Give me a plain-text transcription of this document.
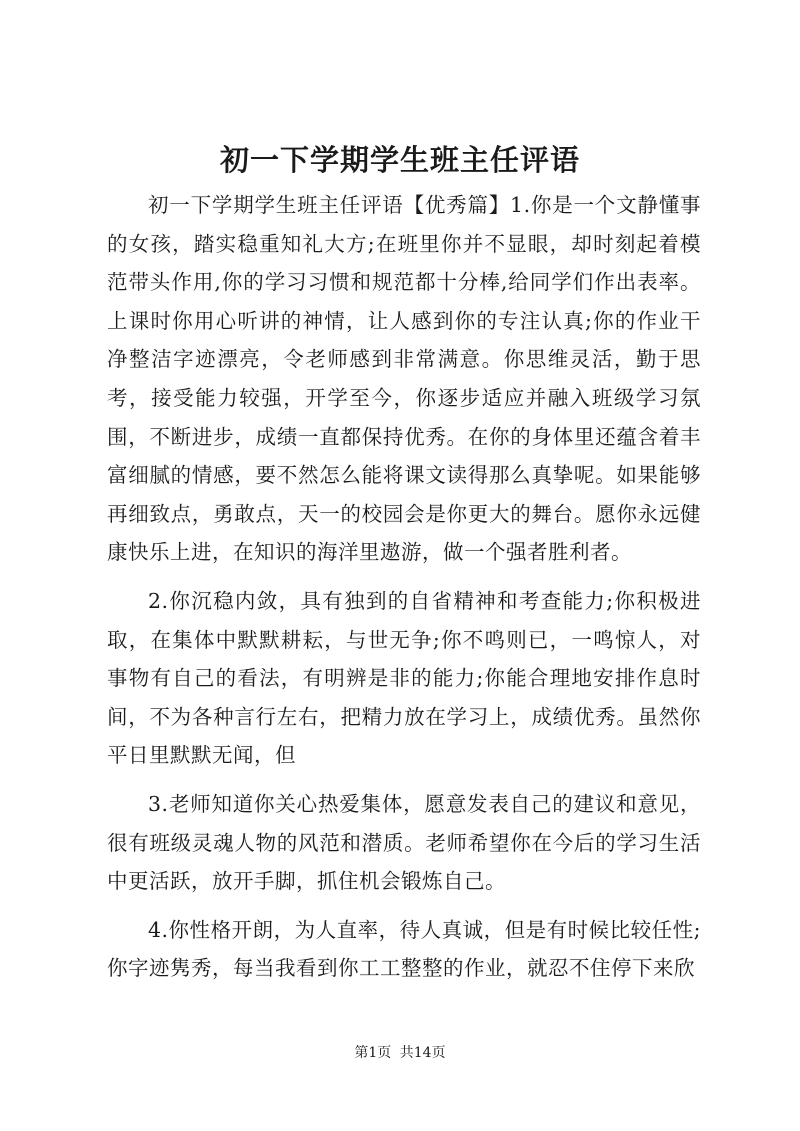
初一下学期学生班主任评语

初一下学期学生班主任评语【优秀篇】1.你是一个文静懂事的女孩，踏实稳重知礼大方;在班里你并不显眼，却时刻起着模范带头作用,你的学习习惯和规范都十分棒,给同学们作出表率。上课时你用心听讲的神情，让人感到你的专注认真;你的作业干净整洁字迹漂亮，令老师感到非常满意。你思维灵活，勤于思考，接受能力较强，开学至今，你逐步适应并融入班级学习氛围，不断进步，成绩一直都保持优秀。在你的身体里还蕴含着丰富细腻的情感，要不然怎么能将课文读得那么真挚呢。如果能够再细致点，勇敢点，天一的校园会是你更大的舞台。愿你永远健康快乐上进，在知识的海洋里遨游，做一个强者胜利者。

2.你沉稳内敛，具有独到的自省精神和考查能力;你积极进取，在集体中默默耕耘，与世无争;你不鸣则已，一鸣惊人，对事物有自己的看法，有明辨是非的能力;你能合理地安排作息时间，不为各种言行左右，把精力放在学习上，成绩优秀。虽然你平日里默默无闻，但

3.老师知道你关心热爱集体，愿意发表自己的建议和意见，很有班级灵魂人物的风范和潜质。老师希望你在今后的学习生活中更活跃，放开手脚，抓住机会锻炼自己。

4.你性格开朗，为人直率，待人真诚，但是有时候比较任性;你字迹隽秀，每当我看到你工工整整的作业，就忍不住停下来欣

第1页 共14页
